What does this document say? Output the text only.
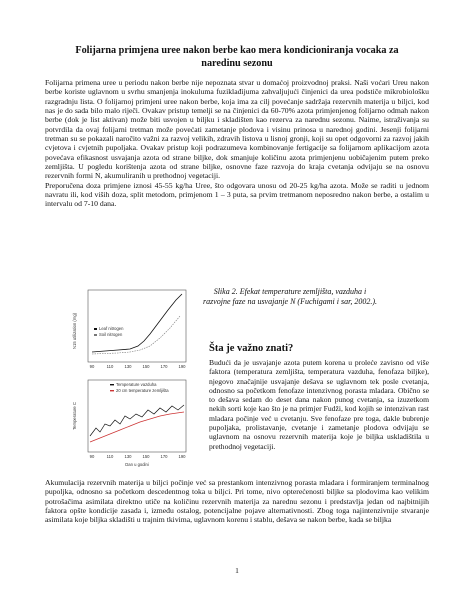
Folijarna primjena uree nakon berbe kao mera kondicioniranja vocaka za naredinu sezonu
Folijarna primena uree u periodu nakon berbe nije nepoznata stvar u domaćoj proizvodnoj praksi. Naši voćari Ureu nakon berbe koriste uglavnom u svrhu smanjenja inokuluma fuziklađijuma zahvaljujući činjenici da urea podstiče mikrobiološku razgradnju lista. O folijarnoj primjeni uree nakon berbe, koja ima za cilj povećanje sadržaja rezervnih materija u biljci, kod nas je do sada bilo malo riječi. Ovakav pristup temelji se na činjenici da 60-70% azota primjenjenog folijarno odmah nakon berbe (dok je list aktivan) može biti usvojen u biljku i skladišten kao rezerva za narednu sezonu. Naime, istraživanja su potvrdila da ovaj folijarni tretman može povećati zametanje plodova i visinu prinosa u narednoj godini. Jesenji folijarni tretman su se pokazali naročito važni za razvoj velikih, zdravih listova u lisnoj gronji, koji su opet odgovorni za razvoj jakih cvjetova i cvjetnih pupoljaka. Ovakav pristup koji podrazumeva kombinovanje fertigacije sa folijarnom aplikacijom azota povećava efikasnost usvajanja azota od strane biljke, dok smanjuje količinu azota primjenjenu uobičajenim putem preko zemljišta. U pogledu korištenja azota od strane biljke, osnovne faze razvoja do kraja cvetanja odvijaju se na osnovu rezervnih formi N, akumuliranih u prethodnoj vegetaciji.
Preporučena doza primjene iznosi 45-55 kg/ha Uree, što odgovara unosu od 20-25 kg/ha azota. Može se raditi u jednom navratu ili, kod viših doza, split metodom, primjenom 1 – 3 puta, sa prvim tretmanom neposredno nakon berbe, a ostalim u intervalu od 7-10 dana.
N15 utilization (mg)	Leaf nitrogen
Soil nitrogen
90	110	130	150	170	190
Temperature C
Temperature vazduha
20 cm temperature zemljišta
90	110	130	150	170	190
Dan u godini
Slika 2. Efekat temperature zemljišta, vazduha i razvojne faze na usvajanje N (Fuchigami i sar, 2002.).
Šta je važno znati?
Budući da je usvajanje azota putem korena u proleće zavisno od više faktora (temperatura zemljišta, temperatura vazduha, fenofaza biljke), njegovo značajnije usvajanje dešava se uglavnom tek posle cvetanja, odnosno sa početkom fenofaze intenzivnog porasta mladara. Obično se to dešava sedam do deset dana nakon punog cvetanja, sa izuzetkom nekih sorti koje kao što je na primjer Fudži, kod kojih se intenzivan rast mladara počinje već u cvetanju. Sve fenofaze pre toga, dakle bubrenje pupoljaka, prolistavanje, cvetanje i zametanje plodova odvijaju se uglavnom na osnovu rezervnih materija koje je biljka uskladištila u prethodnoj vegetaciji.
Akumulacija rezervnih materija u biljci počinje već sa prestankom intenzivnog porasta mladara i formiranjem terminalnog pupoljka, odnosno sa početkom descedentnog toka u biljci. Pri tome, nivo opterećenosti biljke sa plodovima kao velikim potrošačima asimilata direktno utiče na količinu rezervnih materija za narednu sezonu i predstavlja jedan od najbitnijih faktora opšte kondicije zasada i, između ostalog, potencijalne pojave alternativnosti. Zbog toga najintenzivnije stvaranje asimilata koje biljka skladišti u trajnim tkivima, uglavnom korenu i stablu, dešava se nakon berbe, kada se biljka
1
